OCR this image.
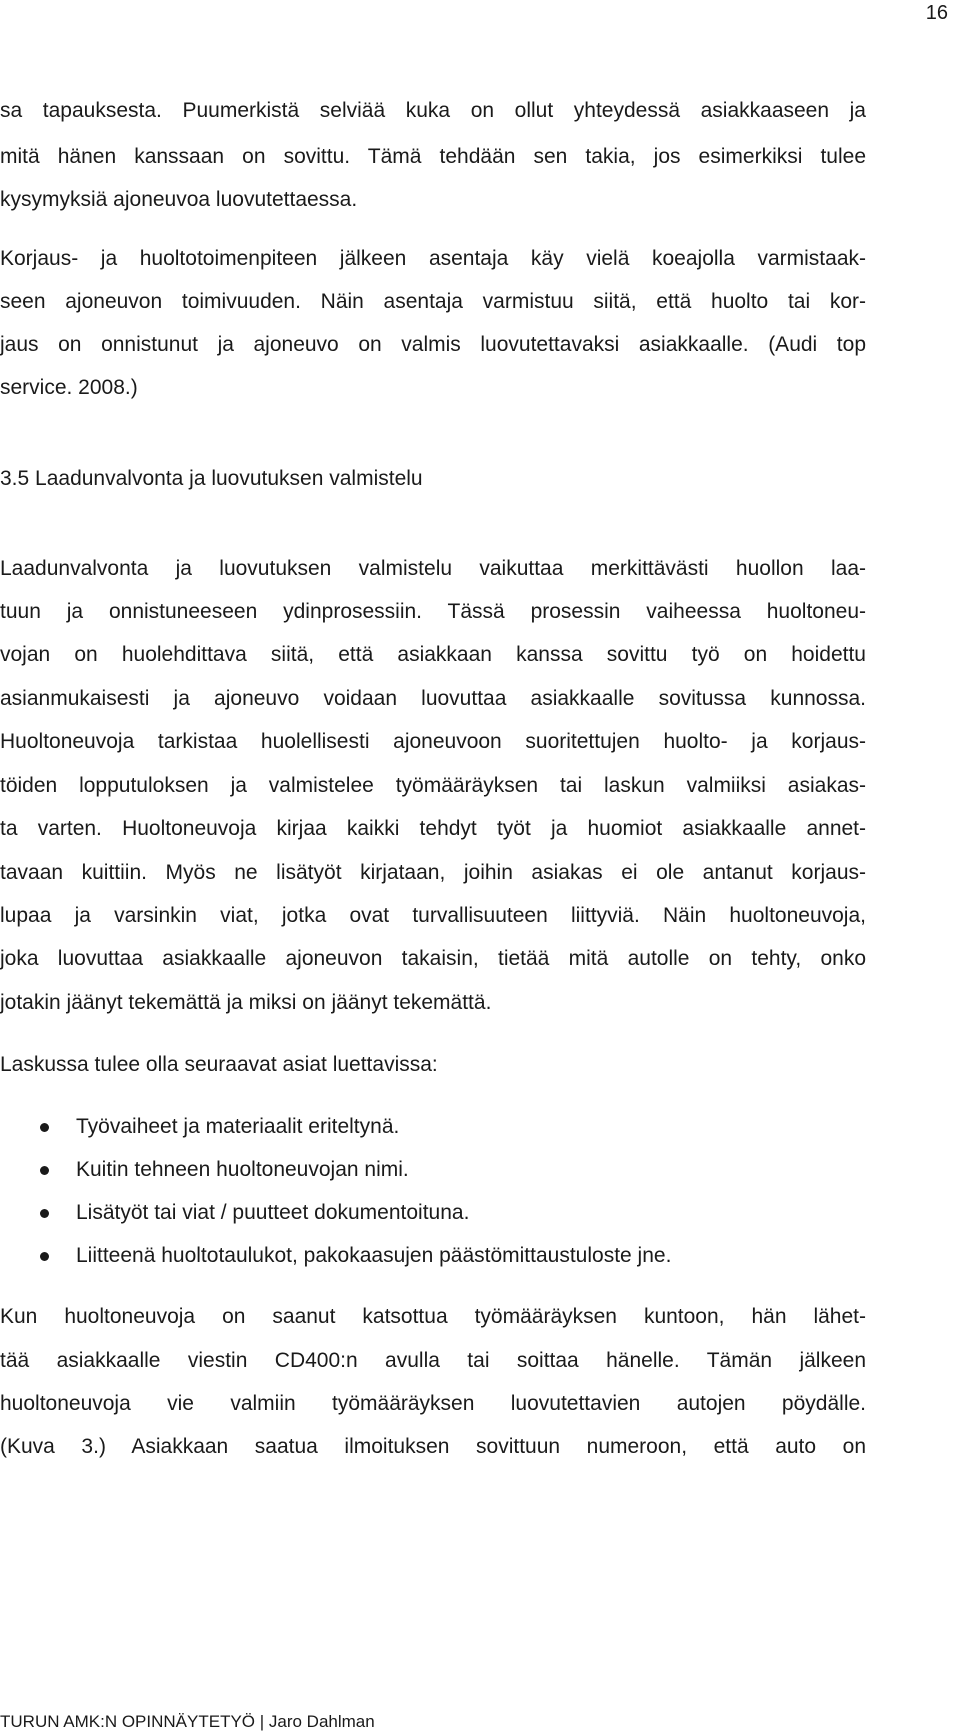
16
sa tapauksesta. Puumerkistä selviää kuka on ollut yhteydessä asiakkaaseen ja
mitä hänen kanssaan on sovittu. Tämä tehdään sen takia, jos esimerkiksi tulee
kysymyksiä ajoneuvoa luovutettaessa.
Korjaus- ja huoltotoimenpiteen jälkeen asentaja käy vielä koeajolla varmistaak-
seen ajoneuvon toimivuuden. Näin asentaja varmistuu siitä, että huolto tai kor-
jaus on onnistunut ja ajoneuvo on valmis luovutettavaksi asiakkaalle. (Audi top
service. 2008.)
3.5 Laadunvalvonta ja luovutuksen valmistelu
Laadunvalvonta ja luovutuksen valmistelu vaikuttaa merkittävästi huollon laa-
tuun ja onnistuneeseen ydinprosessiin. Tässä prosessin vaiheessa huoltoneu-
vojan on huolehdittava siitä, että asiakkaan kanssa sovittu työ on hoidettu
asianmukaisesti ja ajoneuvo voidaan luovuttaa asiakkaalle sovitussa kunnossa.
Huoltoneuvoja tarkistaa huolellisesti ajoneuvoon suoritettujen huolto- ja korjaus-
töiden lopputuloksen ja valmistelee työmääräyksen tai laskun valmiiksi asiakas-
ta varten. Huoltoneuvoja kirjaa kaikki tehdyt työt ja huomiot asiakkaalle annet-
tavaan kuittiin. Myös ne lisätyöt kirjataan, joihin asiakas ei ole antanut korjaus-
lupaa ja varsinkin viat, jotka ovat turvallisuuteen liittyviä. Näin huoltoneuvoja,
joka luovuttaa asiakkaalle ajoneuvon takaisin, tietää mitä autolle on tehty, onko
jotakin jäänyt tekemättä ja miksi on jäänyt tekemättä.
Laskussa tulee olla seuraavat asiat luettavissa:
Työvaiheet ja materiaalit eriteltynä.
Kuitin tehneen huoltoneuvojan nimi.
Lisätyöt tai viat / puutteet dokumentoituna.
Liitteenä huoltotaulukot, pakokaasujen päästömittaustuloste jne.
Kun huoltoneuvoja on saanut katsottua työmääräyksen kuntoon, hän lähet-
tää asiakkaalle viestin CD400:n avulla tai soittaa hänelle. Tämän jälkeen
huoltoneuvoja vie valmiin työmääräyksen luovutettavien autojen pöydälle.
(Kuva 3.) Asiakkaan saatua ilmoituksen sovittuun numeroon, että auto on
TURUN AMK:N OPINNÄYTETYÖ | Jaro Dahlman
